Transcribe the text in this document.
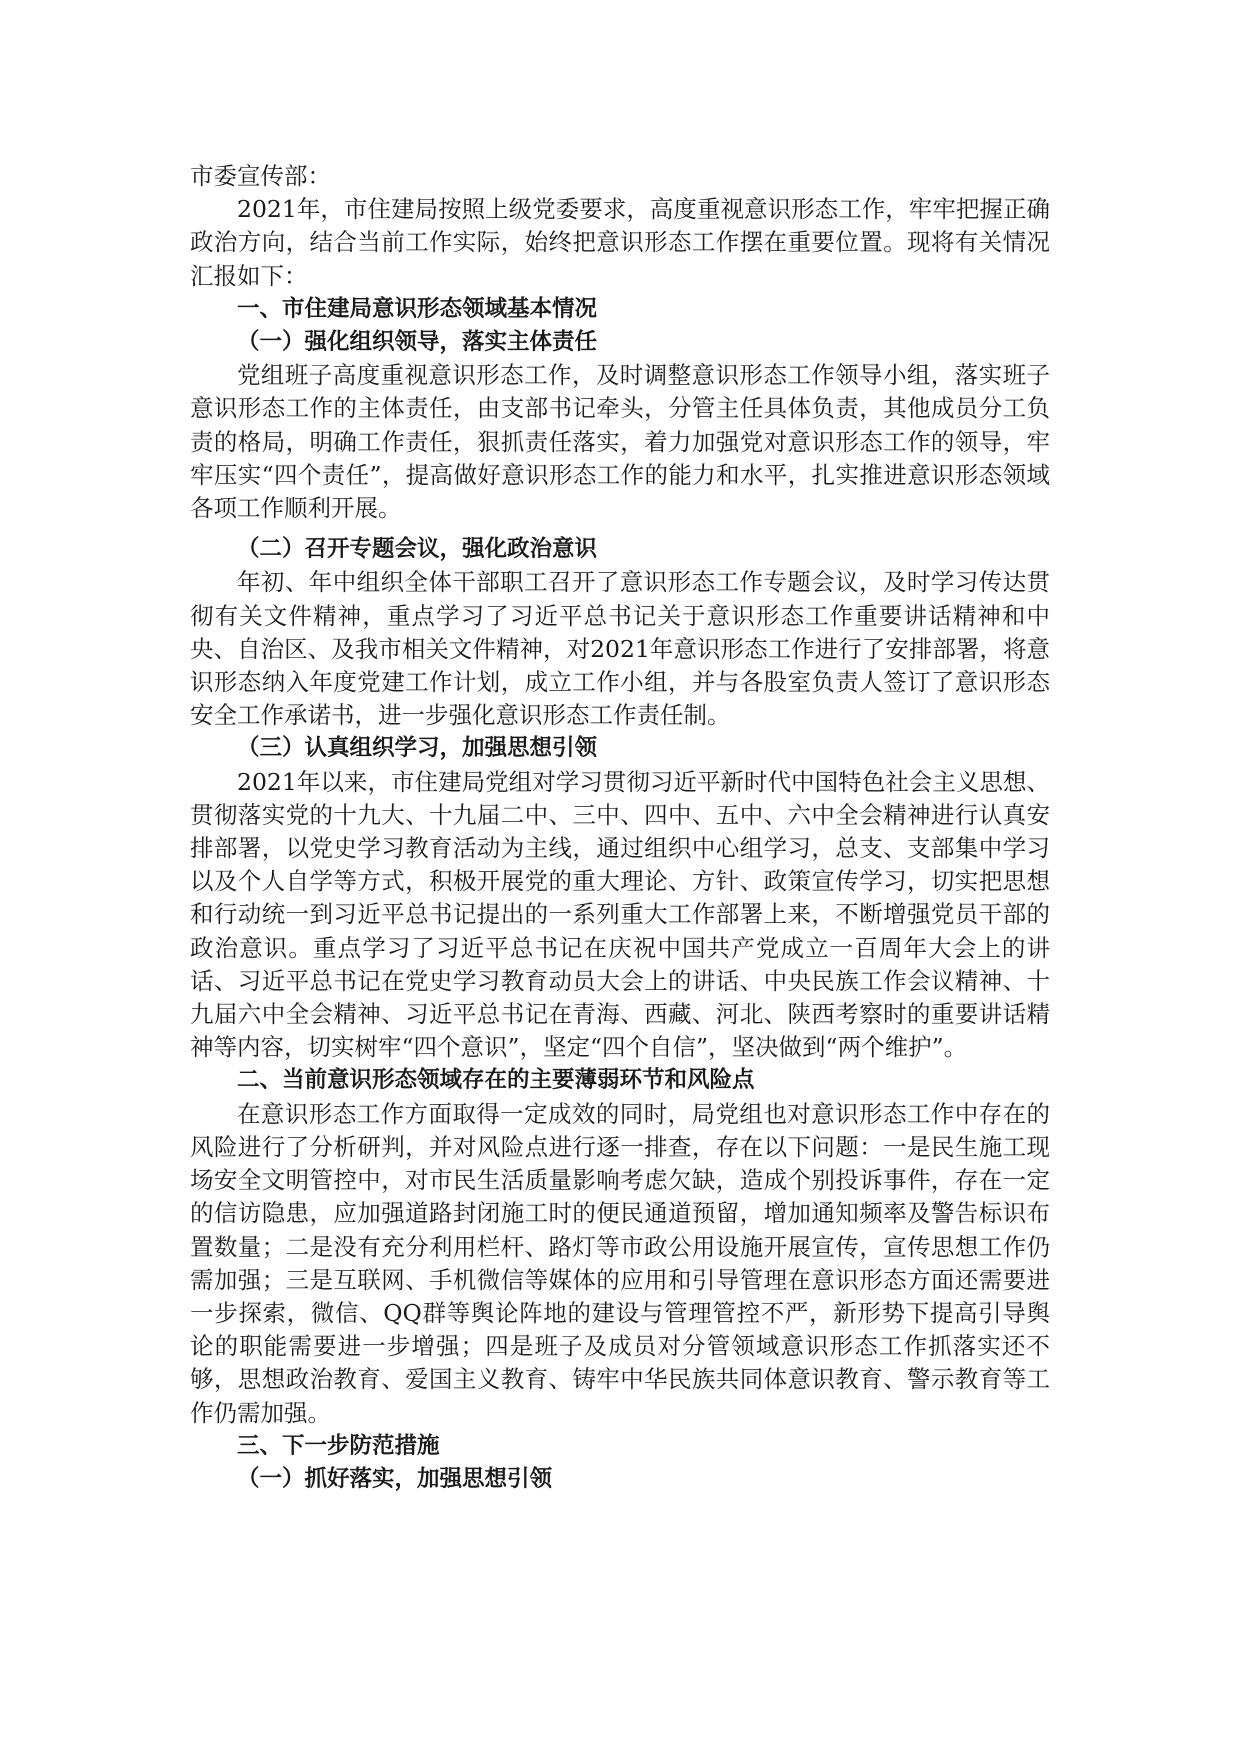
市委宣传部：

2021年，市住建局按照上级党委要求，高度重视意识形态工作，牢牢把握正确政治方向，结合当前工作实际，始终把意识形态工作摆在重要位置。现将有关情况汇报如下：

一、市住建局意识形态领域基本情况

（一）强化组织领导，落实主体责任

党组班子高度重视意识形态工作，及时调整意识形态工作领导小组，落实班子意识形态工作的主体责任，由支部书记牵头，分管主任具体负责，其他成员分工负责的格局，明确工作责任，狠抓责任落实，着力加强党对意识形态工作的领导，牢牢压实“四个责任”，提高做好意识形态工作的能力和水平，扎实推进意识形态领域各项工作顺利开展。

（二）召开专题会议，强化政治意识

年初、年中组织全体干部职工召开了意识形态工作专题会议，及时学习传达贯彻有关文件精神，重点学习了习近平总书记关于意识形态工作重要讲话精神和中央、自治区、及我市相关文件精神，对2021年意识形态工作进行了安排部署，将意识形态纳入年度党建工作计划，成立工作小组，并与各股室负责人签订了意识形态安全工作承诺书，进一步强化意识形态工作责任制。

（三）认真组织学习，加强思想引领

2021年以来，市住建局党组对学习贯彻习近平新时代中国特色社会主义思想、贯彻落实党的十九大、十九届二中、三中、四中、五中、六中全会精神进行认真安排部署，以党史学习教育活动为主线，通过组织中心组学习，总支、支部集中学习以及个人自学等方式，积极开展党的重大理论、方针、政策宣传学习，切实把思想和行动统一到习近平总书记提出的一系列重大工作部署上来，不断增强党员干部的政治意识。重点学习了习近平总书记在庆祝中国共产党成立一百周年大会上的讲话、习近平总书记在党史学习教育动员大会上的讲话、中央民族工作会议精神、十九届六中全会精神、习近平总书记在青海、西藏、河北、陕西考察时的重要讲话精神等内容，切实树牢“四个意识”，坚定“四个自信”，坚决做到“两个维护”。

二、当前意识形态领域存在的主要薄弱环节和风险点

在意识形态工作方面取得一定成效的同时，局党组也对意识形态工作中存在的风险进行了分析研判，并对风险点进行逐一排查，存在以下问题：一是民生施工现场安全文明管控中，对市民生活质量影响考虑欠缺，造成个别投诉事件，存在一定的信访隐患，应加强道路封闭施工时的便民通道预留，增加通知频率及警告标识布置数量；二是没有充分利用栏杆、路灯等市政公用设施开展宣传，宣传思想工作仍需加强；三是互联网、手机微信等媒体的应用和引导管理在意识形态方面还需要进一步探索，微信、QQ群等舆论阵地的建设与管理管控不严，新形势下提高引导舆论的职能需要进一步增强；四是班子及成员对分管领域意识形态工作抓落实还不够，思想政治教育、爱国主义教育、铸牢中华民族共同体意识教育、警示教育等工作仍需加强。

三、下一步防范措施

（一）抓好落实，加强思想引领
